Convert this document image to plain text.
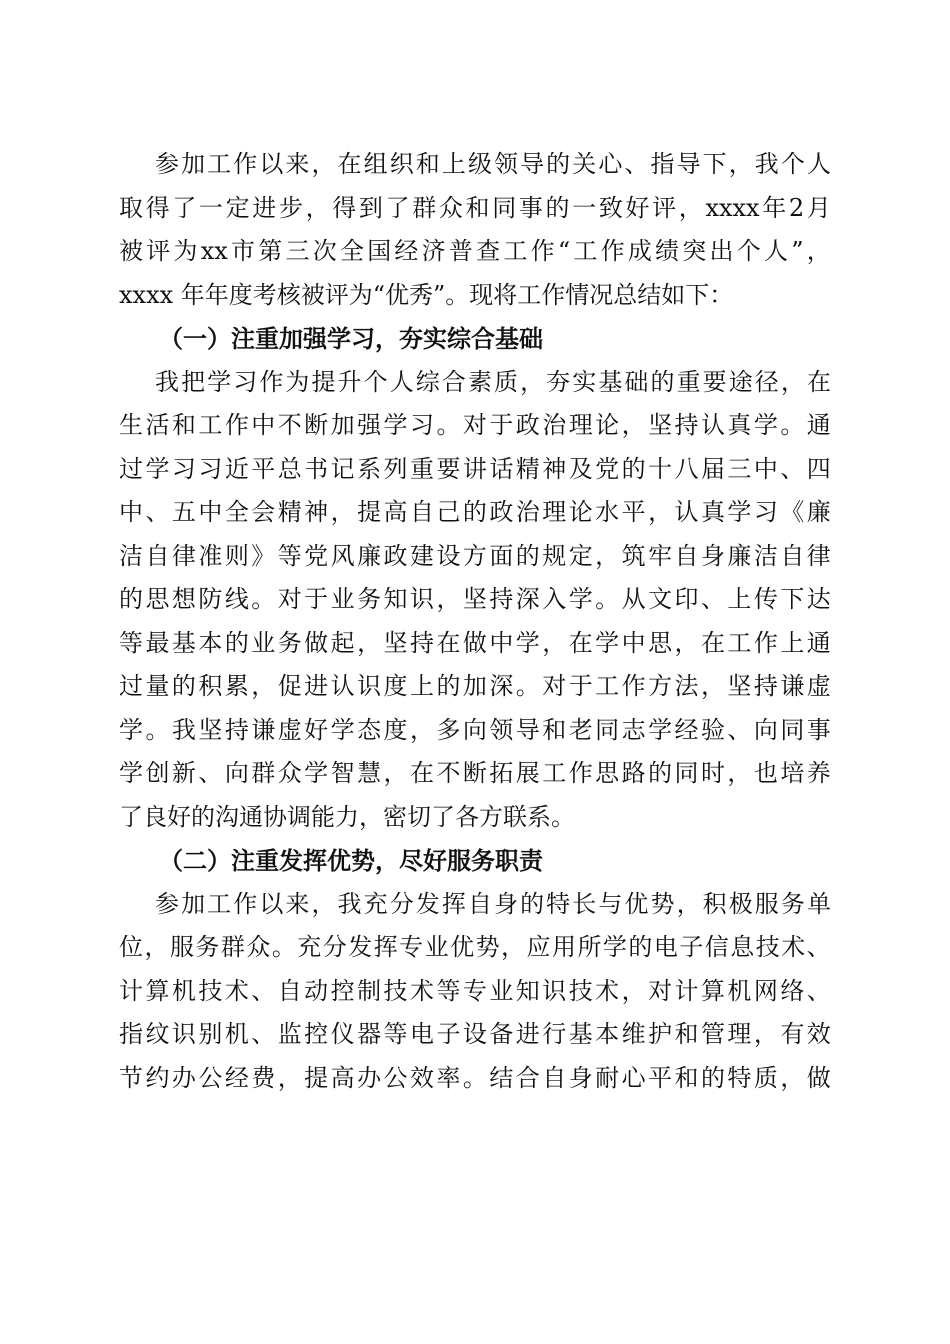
参 加 工 作 以 来 ， 在 组 织 和 上 级 领 导 的 关 心 、 指 导 下 ， 我 个 人
取 得 了 一 定 进 步 ， 得 到 了 群 众 和 同 事 的 一 致 好 评 ， xxxx 年 2 月
被 评 为 xx 市 第 三 次 全 国 经 济 普 查 工 作 “ 工 作 成 绩 突 出 个 人 ” ，
xxxx 年年度考核被评为“优秀”。现将工作情况总结如下：
（一）注重加强学习，夯实综合基础
我 把 学 习 作 为 提 升 个 人 综 合 素 质 ， 夯 实 基 础 的 重 要 途 径 ， 在
生 活 和 工 作 中 不 断 加 强 学 习 。 对 于 政 治 理 论 ， 坚 持 认 真 学 。 通
过 学 习 习 近 平 总 书 记 系 列 重 要 讲 话 精 神 及 党 的 十 八 届 三 中 、 四
中 、 五 中 全 会 精 神 ， 提 高 自 己 的 政 治 理 论 水 平 ， 认 真 学 习 《 廉
洁 自 律 准 则 》 等 党 风 廉 政 建 设 方 面 的 规 定 ， 筑 牢 自 身 廉 洁 自 律
的 思 想 防 线 。 对 于 业 务 知 识 ， 坚 持 深 入 学 。 从 文 印 、 上 传 下 达
等 最 基 本 的 业 务 做 起 ， 坚 持 在 做 中 学 ， 在 学 中 思 ， 在 工 作 上 通
过 量 的 积 累 ， 促 进 认 识 度 上 的 加 深 。 对 于 工 作 方 法 ， 坚 持 谦 虚
学 。 我 坚 持 谦 虚 好 学 态 度 ， 多 向 领 导 和 老 同 志 学 经 验 、 向 同 事
学 创 新 、 向 群 众 学 智 慧 ， 在 不 断 拓 展 工 作 思 路 的 同 时 ， 也 培 养
了良好的沟通协调能力，密切了各方联系。
（二）注重发挥优势，尽好服务职责
参 加 工 作 以 来 ， 我 充 分 发 挥 自 身 的 特 长 与 优 势 ， 积 极 服 务 单
位 ， 服 务 群 众 。 充 分 发 挥 专 业 优 势 ， 应 用 所 学 的 电 子 信 息 技 术 、
计 算 机 技 术 、 自 动 控 制 技 术 等 专 业 知 识 技 术 ， 对 计 算 机 网 络 、
指 纹 识 别 机 、 监 控 仪 器 等 电 子 设 备 进 行 基 本 维 护 和 管 理 ， 有 效
节 约 办 公 经 费 ， 提 高 办 公 效 率 。 结 合 自 身 耐 心 平 和 的 特 质 ， 做
